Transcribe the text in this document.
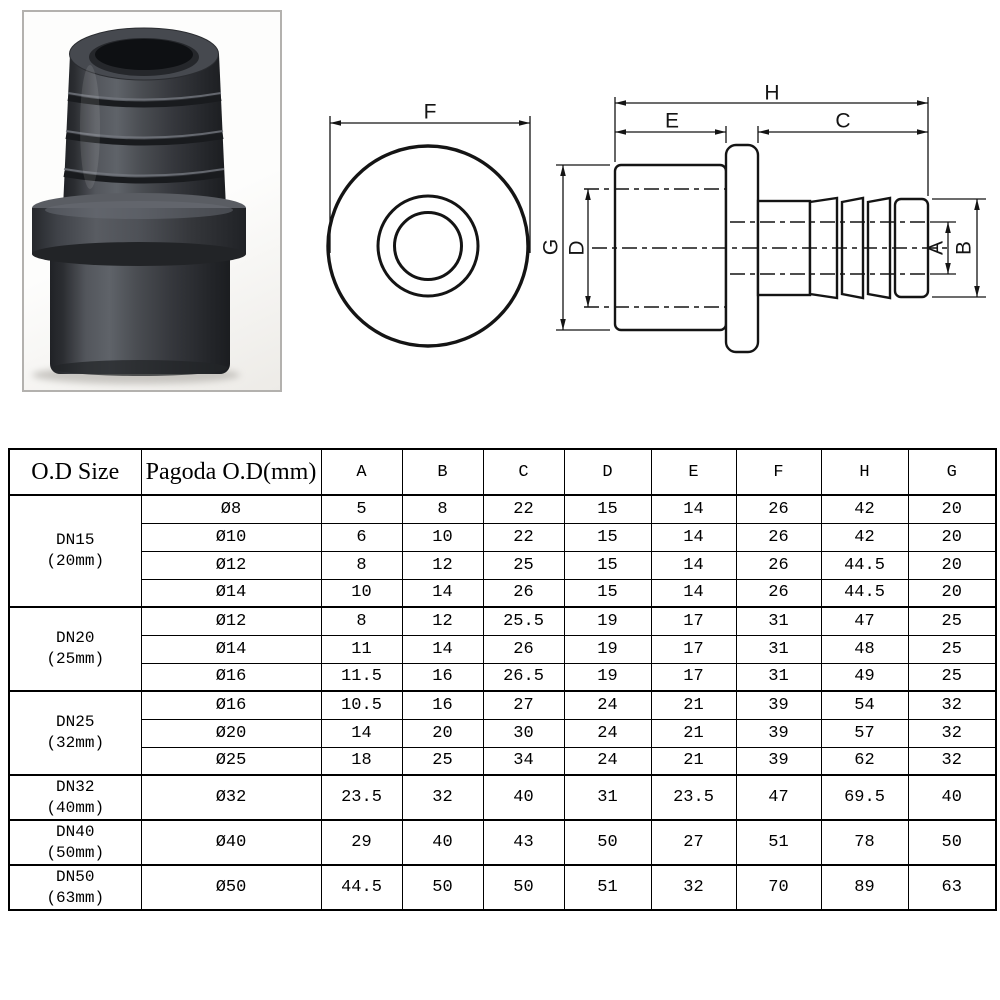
F
H
E	C
G D	A B
O.D Size	Pagoda O.D(mm)	A	B	C	D	E	F	H	G

DN15
(20mm)	Ø8	5	8	22	15	14	26	42	20
	Ø10	6	10	22	15	14	26	42	20
	Ø12	8	12	25	15	14	26	44.5	20
	Ø14	10	14	26	15	14	26	44.5	20

DN20
(25mm)	Ø12	8	12	25.5	19	17	31	47	25
	Ø14	11	14	26	19	17	31	48	25
	Ø16	11.5	16	26.5	19	17	31	49	25

DN25
(32mm)	Ø16	10.5	16	27	24	21	39	54	32
	Ø20	14	20	30	24	21	39	57	32
	Ø25	18	25	34	24	21	39	62	32

DN32
(40mm)	Ø32	23.5	32	40	31	23.5	47	69.5	40

DN40
(50mm)	Ø40	29	40	43	50	27	51	78	50

DN50
(63mm)	Ø50	44.5	50	50	51	32	70	89	63
